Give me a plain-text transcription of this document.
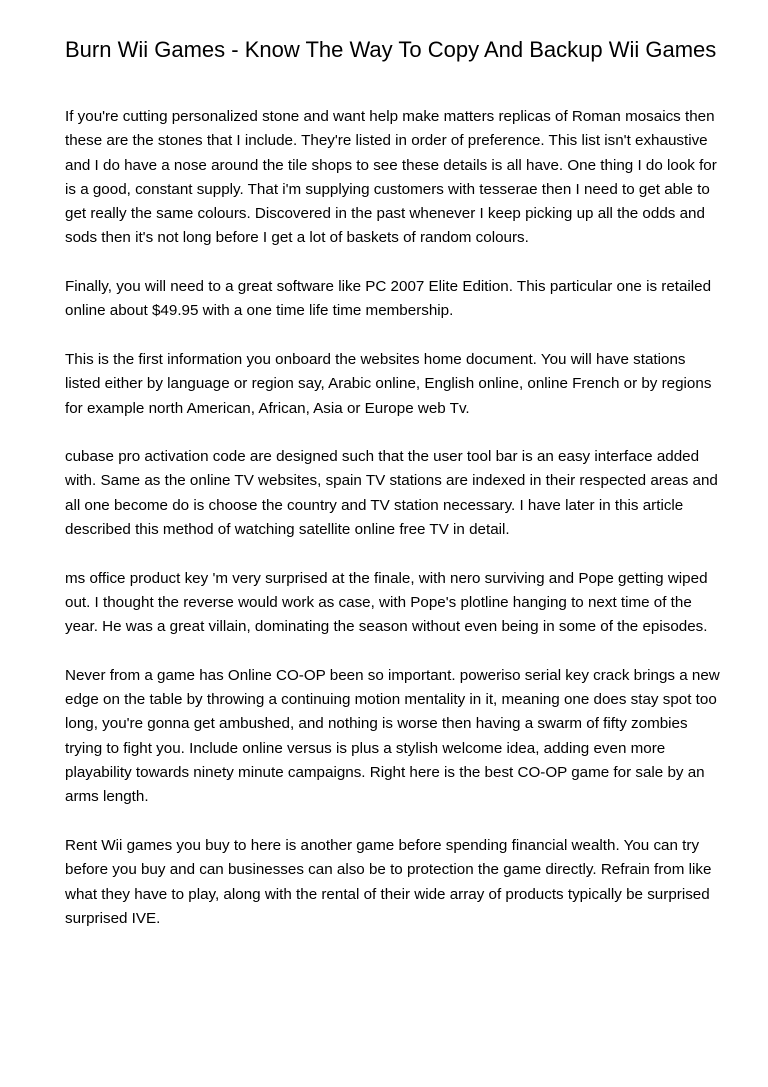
Burn Wii Games - Know The Way To Copy And Backup Wii Games

If you're cutting personalized stone and want help make matters replicas of Roman mosaics then these are the stones that I include. They're listed in order of preference. This list isn't exhaustive and I do have a nose around the tile shops to see these details is all have. One thing I do look for is a good, constant supply. That i'm supplying customers with tesserae then I need to get able to get really the same colours. Discovered in the past whenever I keep picking up all the odds and sods then it's not long before I get a lot of baskets of random colours.

Finally, you will need to a great software like PC 2007 Elite Edition. This particular one is retailed online about $49.95 with a one time life time membership.

This is the first information you onboard the websites home document. You will have stations listed either by language or region say, Arabic online, English online, online French or by regions for example north American, African, Asia or Europe web Tv.

cubase pro activation code are designed such that the user tool bar is an easy interface added with. Same as the online TV websites, spain TV stations are indexed in their respected areas and all one become do is choose the country and TV station necessary. I have later in this article described this method of watching satellite online free TV in detail.

ms office product key 'm very surprised at the finale, with nero surviving and Pope getting wiped out. I thought the reverse would work as case, with Pope's plotline hanging to next time of the year. He was a great villain, dominating the season without even being in some of the episodes.

Never from a game has Online CO-OP been so important. poweriso serial key crack brings a new edge on the table by throwing a continuing motion mentality in it, meaning one does stay spot too long, you're gonna get ambushed, and nothing is worse then having a swarm of fifty zombies trying to fight you. Include online versus is plus a stylish welcome idea, adding even more playability towards ninety minute campaigns. Right here is the best CO-OP game for sale by an arms length.

Rent Wii games you buy to here is another game before spending financial wealth. You can try before you buy and can businesses can also be to protection the game directly. Refrain from like what they have to play, along with the rental of their wide array of products typically be surprised surprised IVE.
